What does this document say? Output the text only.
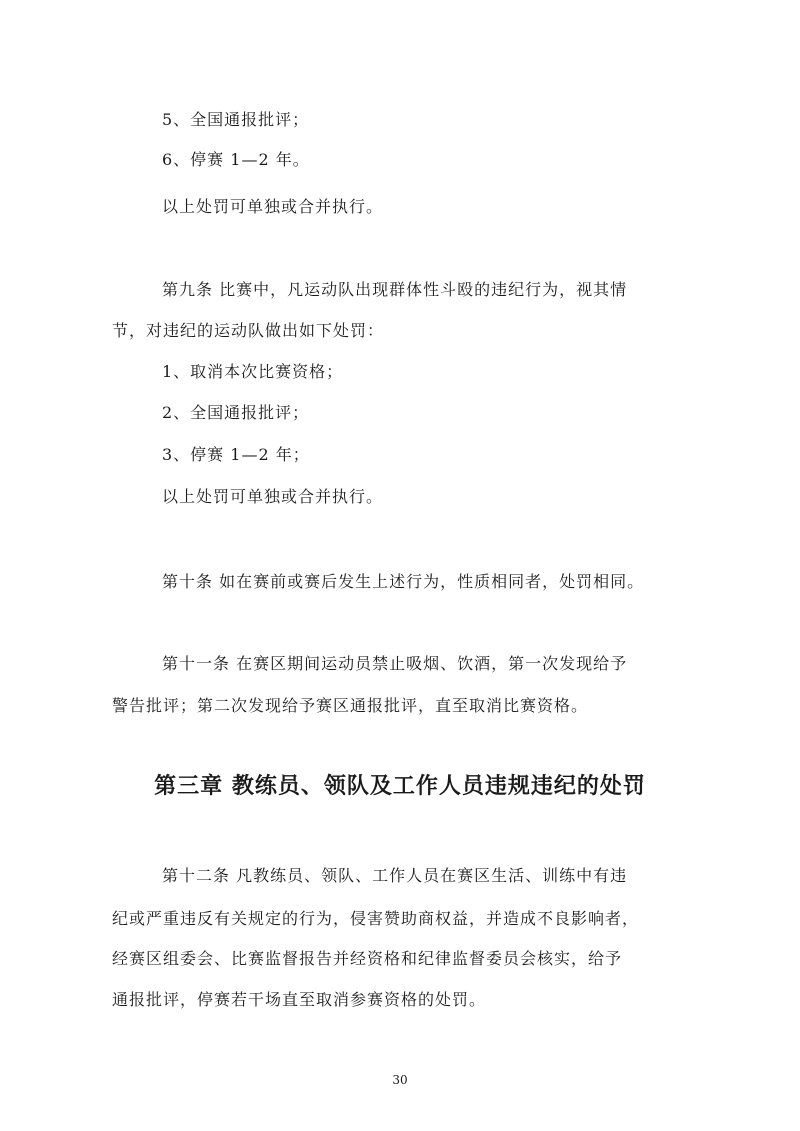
5、全国通报批评；
6、停赛 1—2 年。
以上处罚可单独或合并执行。
第九条 比赛中，凡运动队出现群体性斗殴的违纪行为，视其情
节，对违纪的运动队做出如下处罚：
1、取消本次比赛资格；
2、全国通报批评；
3、停赛 1—2 年；
以上处罚可单独或合并执行。
第十条 如在赛前或赛后发生上述行为，性质相同者，处罚相同。
第十一条 在赛区期间运动员禁止吸烟、饮酒，第一次发现给予
警告批评；第二次发现给予赛区通报批评，直至取消比赛资格。
第三章 教练员、领队及工作人员违规违纪的处罚
第十二条 凡教练员、领队、工作人员在赛区生活、训练中有违
纪或严重违反有关规定的行为，侵害赞助商权益，并造成不良影响者，
经赛区组委会、比赛监督报告并经资格和纪律监督委员会核实，给予
通报批评，停赛若干场直至取消参赛资格的处罚。
30
